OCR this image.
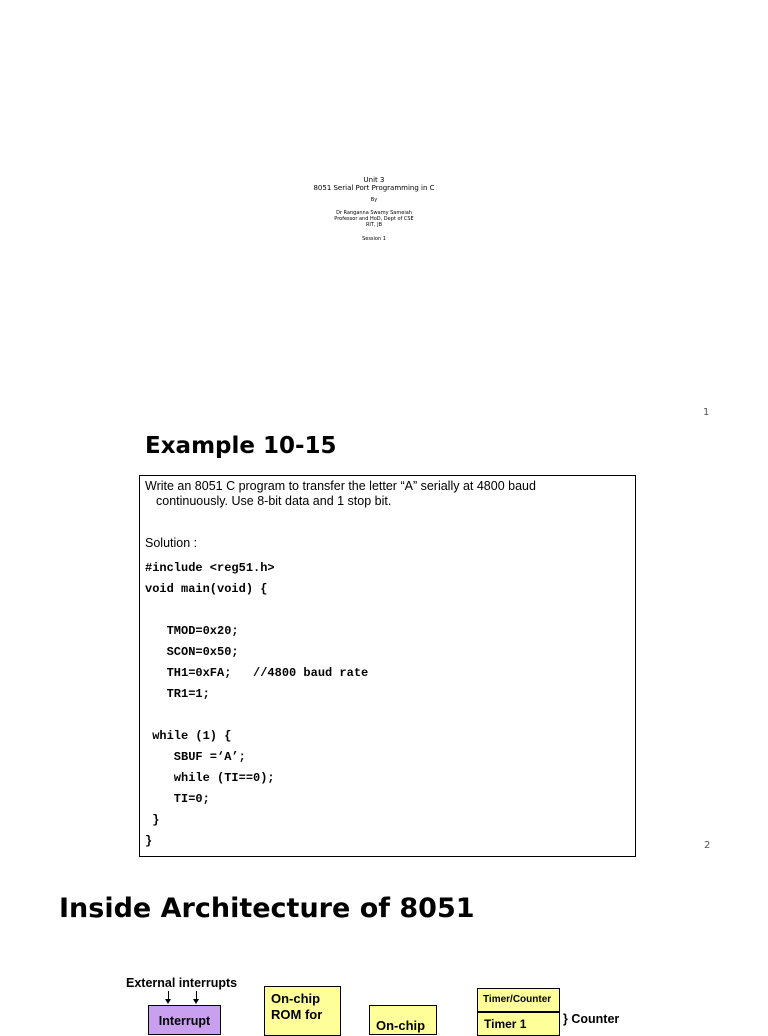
Unit 3
8051 Serial Port Programming in C
By
Dr Ranganna Swamy Sameiah
Professor and HoD, Dept of CSE
RIT, JB
Session 1
1
Example 10-15
Write an 8051 C program to transfer the letter “A” serially at 4800 baud
continuously. Use 8-bit data and 1 stop bit.
Solution :
#include <reg51.h>
void main(void) {
TMOD=0x20;
SCON=0x50;
TH1=0xFA;   //4800 baud rate
TR1=1;
while (1) {
SBUF =‘A’;
while (TI==0);
TI=0;
}
}	2
Inside Architecture of 8051
External interrupts
Interrupt
On-chip
ROM for
On-chip
Timer/Counter
Timer 1	} Counter
